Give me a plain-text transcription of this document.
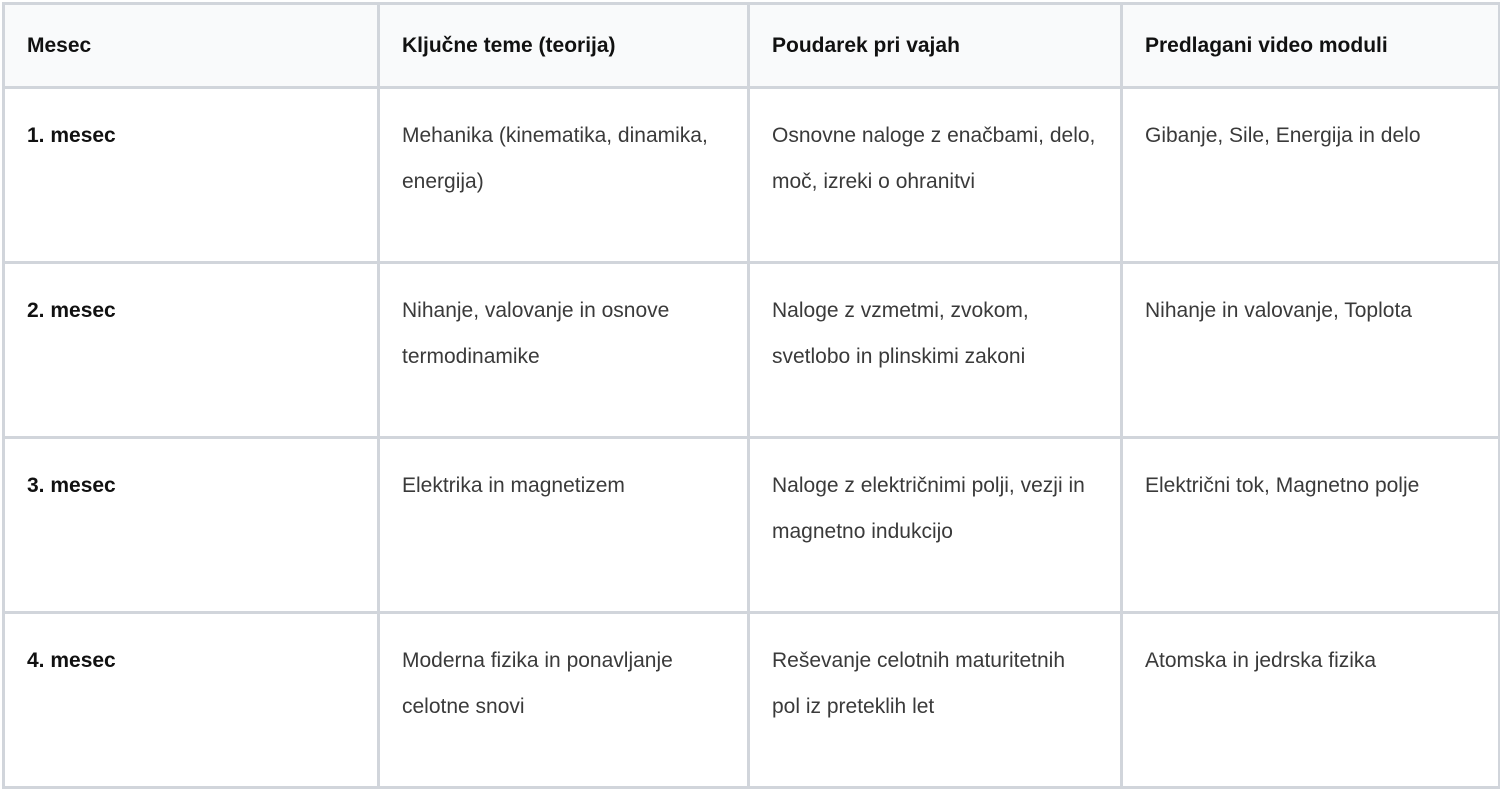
Mesec	Ključne teme (teorija)	Poudarek pri vajah	Predlagani video moduli
1. mesec	Mehanika (kinematika, dinamika, energija)	Osnovne naloge z enačbami, delo, moč, izreki o ohranitvi	Gibanje, Sile, Energija in delo
2. mesec	Nihanje, valovanje in osnove termodinamike	Naloge z vzmetmi, zvokom, svetlobo in plinskimi zakoni	Nihanje in valovanje, Toplota
3. mesec	Elektrika in magnetizem	Naloge z električnimi polji, vezji in magnetno indukcijo	Električni tok, Magnetno polje
4. mesec	Moderna fizika in ponavljanje celotne snovi	Reševanje celotnih maturitetnih pol iz preteklih let	Atomska in jedrska fizika
